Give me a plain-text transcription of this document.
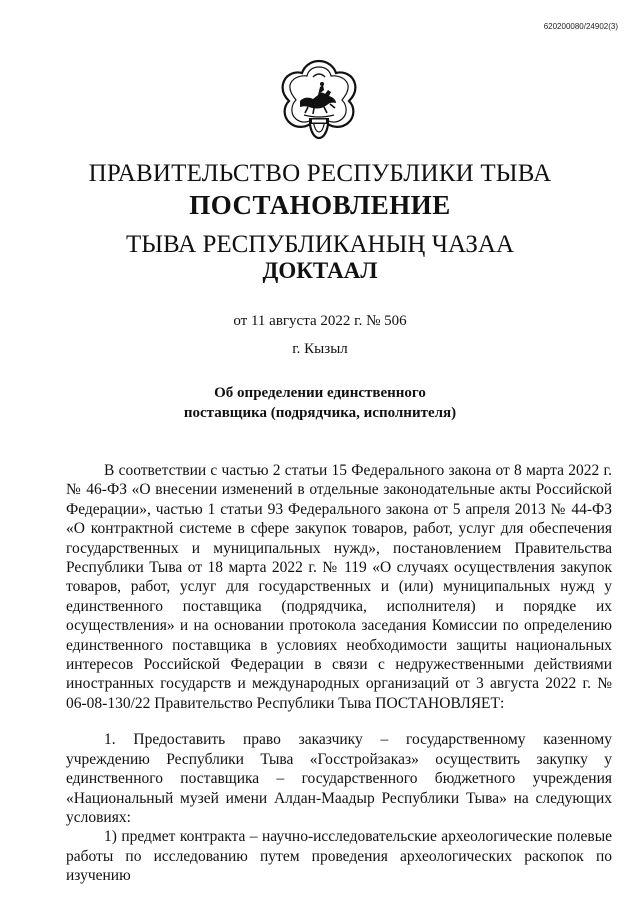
620200080/24902(3)
ПРАВИТЕЛЬСТВО РЕСПУБЛИКИ ТЫВА
ПОСТАНОВЛЕНИЕ
ТЫВА РЕСПУБЛИКАНЫҢ ЧАЗАА
ДОКТААЛ
от 11 августа 2022 г. № 506
г. Кызыл
Об определении единственного
поставщика (подрядчика, исполнителя)

В соответствии с частью 2 статьи 15 Федерального закона от 8 марта 2022 г. № 46-ФЗ «О внесении изменений в отдельные законодательные акты Российской Федерации», частью 1 статьи 93 Федерального закона от 5 апреля 2013 № 44-ФЗ «О контрактной системе в сфере закупок товаров, работ, услуг для обеспечения государственных и муниципальных нужд», постановлением Правительства Республики Тыва от 18 марта 2022 г. № 119 «О случаях осуществления закупок товаров, работ, услуг для государственных и (или) муниципальных нужд у единственного поставщика (подрядчика, исполнителя) и порядке их осуществления» и на основании протокола заседания Комиссии по определению единственного поставщика в условиях необходимости защиты национальных интересов Российской Федерации в связи с недружественными действиями иностранных государств и международных организаций от 3 августа 2022 г. № 06-08-130/22 Правительство Республики Тыва ПОСТАНОВЛЯЕТ:

1. Предоставить право заказчику – государственному казенному учреждению Республики Тыва «Госстройзаказ» осуществить закупку у единственного поставщика – государственного бюджетного учреждения «Национальный музей имени Алдан-Маадыр Республики Тыва» на следующих условиях:

1) предмет контракта – научно-исследовательские археологические полевые работы по исследованию путем проведения археологических раскопок по изучению
